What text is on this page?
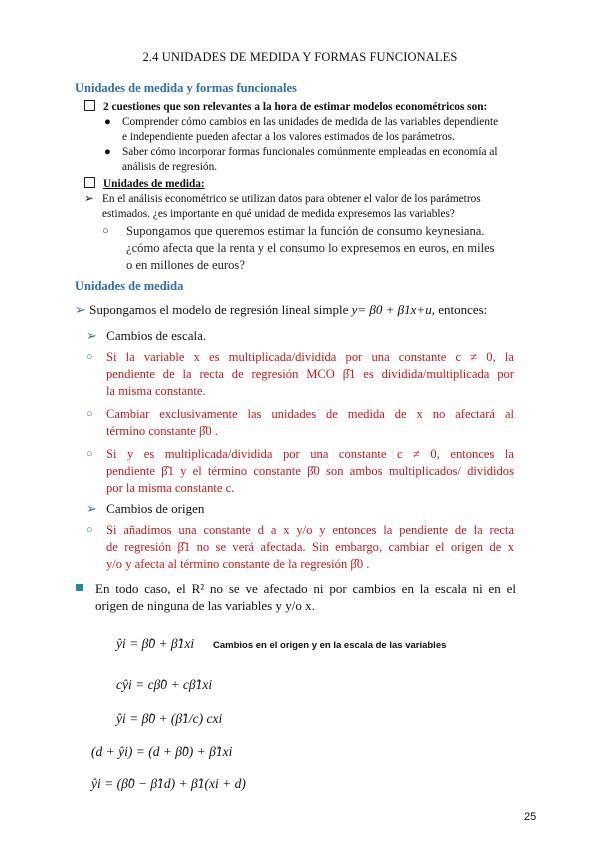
2.4 UNIDADES DE MEDIDA Y FORMAS FUNCIONALES
Unidades de medida y formas funcionales
2 cuestiones que son relevantes a la hora de estimar modelos econométricos son:
● Comprender cómo cambios en las unidades de medida de las variables dependiente
e independiente pueden afectar a los valores estimados de los parámetros.
● Saber cómo incorporar formas funcionales comúnmente empleadas en economía al
análisis de regresión.
Unidades de medida:
➢ En el análisis econométrico se utilizan datos para obtener el valor de los parámetros
estimados. ¿es importante en qué unidad de medida expresemos las variables?
○	Supongamos que queremos estimar la función de consumo keynesiana.
¿cómo afecta que la renta y el consumo lo expresemos en euros, en miles
o en millones de euros?
Unidades de medida
➢ Supongamos el modelo de regresión lineal simple y= β0 + β1x+u, entonces:
➢ Cambios de escala.
○ Si la variable x es multiplicada/dividida por una constante c ≠ 0, la
pendiente de la recta de regresión MCO β̂1 es dividida/multiplicada por
la misma constante.
○ Cambiar exclusivamente las unidades de medida de x no afectará al
término constante β̂0 .
○ Si y es multiplicada/dividida por una constante c ≠ 0, entonces la
pendiente β̂1 y el término constante β̂0 son ambos multiplicados/ divididos
por la misma constante c.
➢ Cambios de origen
○ Si añadimos una constante d a x y/o y entonces la pendiente de la recta
de regresión β̂1 no se verá afectada. Sin embargo, cambiar el origen de x
y/o y afecta al término constante de la regresión β̂0 .
En todo caso, el R² no se ve afectado ni por cambios en la escala ni en el
origen de ninguna de las variables y y/o x.
ŷi = β̂0 + β̂1xi Cambios en el origen y en la escala de las variables
cŷi = cβ̂0 + cβ̂1xi
ŷi = β̂0 + (β̂1/c) cxi
(d + ŷi) = (d + β̂0) + β̂1xi
ŷi = (β̂0 − β̂1d) + β̂1(xi + d)
25
